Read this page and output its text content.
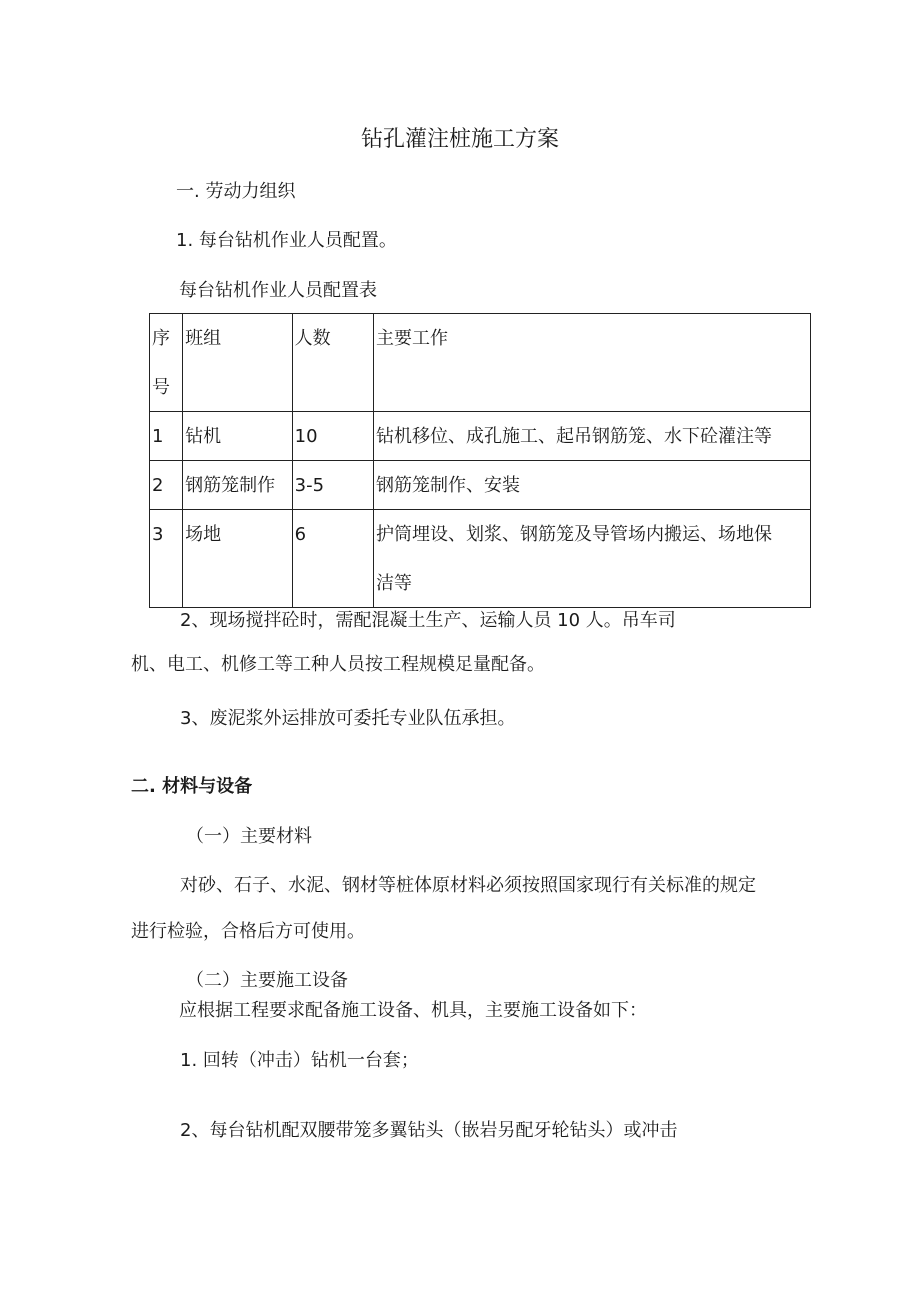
钻孔灌注桩施工方案
一. 劳动力组织
1. 每台钻机作业人员配置。
每台钻机作业人员配置表
序
号	班组	人数	主要工作

1	钻机	10	钻机移位、成孔施工、起吊钢筋笼、水下砼灌注等

2	钢筋笼制作	3-5	钢筋笼制作、安装

3	场地	6	护筒埋设、划浆、钢筋笼及导管场内搬运、场地保
洁等
2、现场搅拌砼时，需配混凝土生产、运输人员 10 人。吊车司
机、电工、机修工等工种人员按工程规模足量配备。
3、废泥浆外运排放可委托专业队伍承担。
二. 材料与设备
（一）主要材料
对砂、石子、水泥、钢材等桩体原材料必须按照国家现行有关标准的规定
进行检验，合格后方可使用。
（二）主要施工设备
应根据工程要求配备施工设备、机具，主要施工设备如下：
1. 回转（冲击）钻机一台套；
2、每台钻机配双腰带笼多翼钻头（嵌岩另配牙轮钻头）或冲击
